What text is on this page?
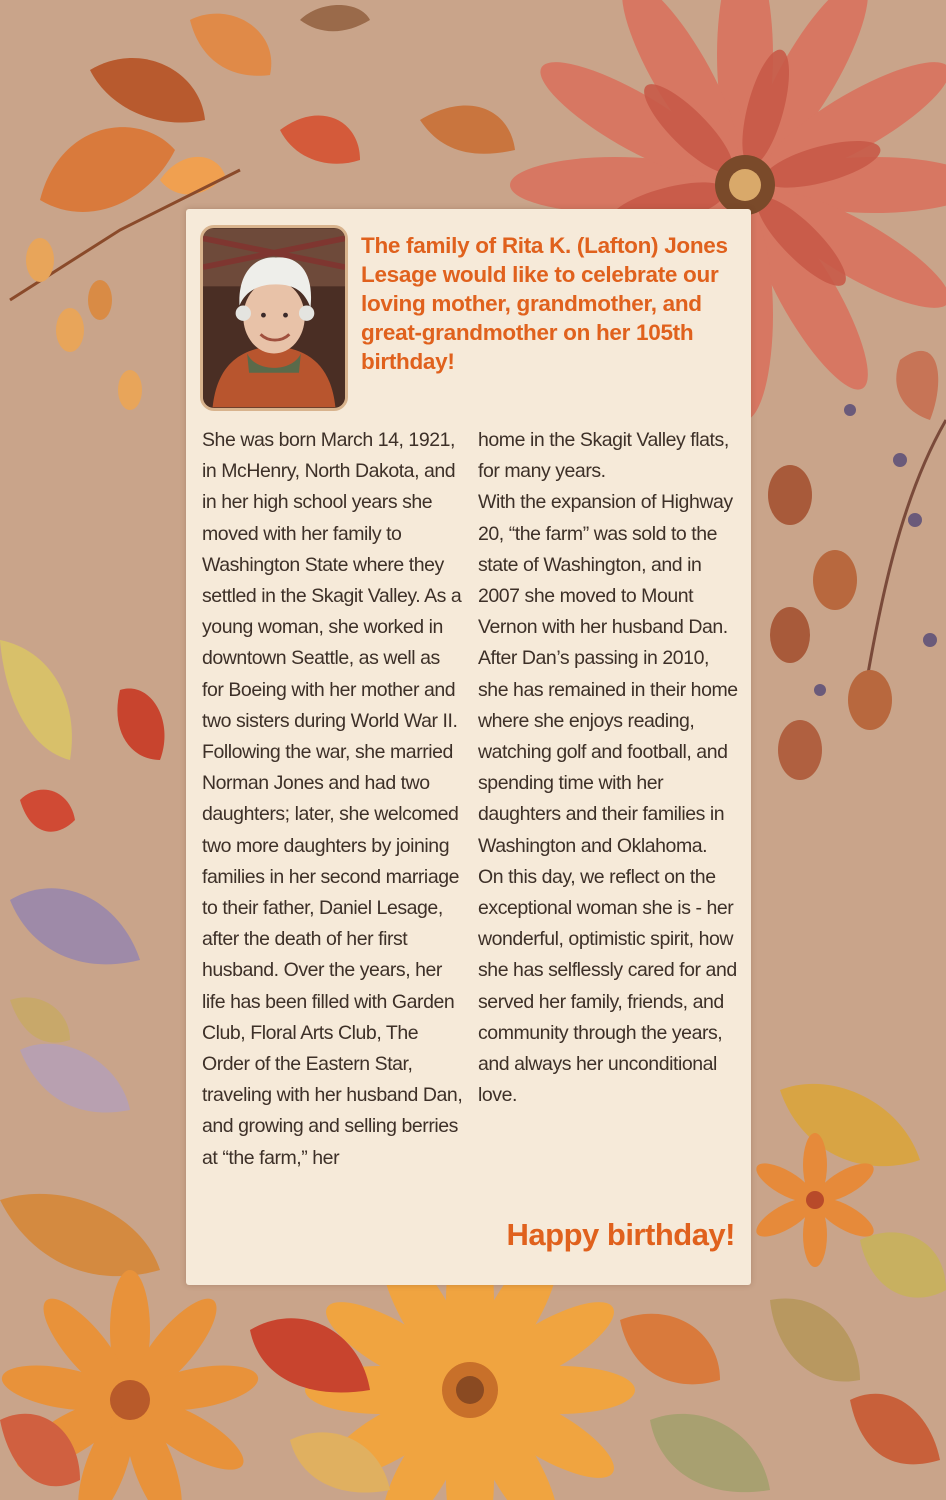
The family of Rita K. (Lafton) Jones Lesage would like to celebrate our loving mother, grandmother, and great-grandmother on her 105th birthday!

She was born March 14, 1921, in McHenry, North Dakota, and in her high school years she moved with her family to Washington State where they settled in the Skagit Valley. As a young woman, she worked in downtown Seattle, as well as for Boeing with her mother and two sisters during World War II.

Following the war, she married Norman Jones and had two daughters; later, she welcomed two more daughters by joining families in her second marriage to their father, Daniel Lesage, after the death of her first husband. Over the years, her life has been filled with Garden Club, Floral Arts Club, The Order of the Eastern Star, traveling with her husband Dan, and growing and selling berries at “the farm,” her

home in the Skagit Valley flats, for many years.

With the expansion of Highway 20, “the farm” was sold to the state of Washington, and in 2007 she moved to Mount Vernon with her husband Dan. After Dan’s passing in 2010, she has remained in their home where she enjoys reading, watching golf and football, and spending time with her daughters and their families in Washington and Oklahoma.

On this day, we reflect on the exceptional woman she is - her wonderful, optimistic spirit, how she has selflessly cared for and served her family, friends, and community through the years, and always her unconditional love.

Happy birthday!
